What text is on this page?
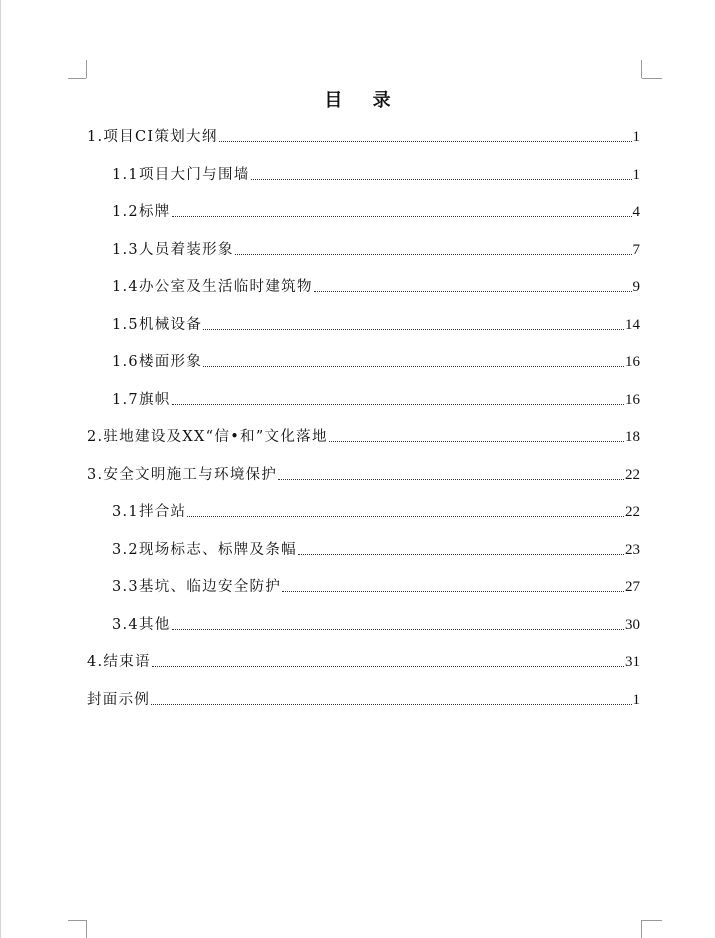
目 录
1.项目CI策划大纲	1
1.1项目大门与围墙	1
1.2标牌	4
1.3人员着装形象	7
1.4办公室及生活临时建筑物	9
1.5机械设备	14
1.6楼面形象	16
1.7旗帜	16
2.驻地建设及XX“信•和”文化落地	18
3.安全文明施工与环境保护	22
3.1拌合站	22
3.2现场标志、标牌及条幅	23
3.3基坑、临边安全防护	27
3.4其他	30
4.结束语	31
封面示例	1
